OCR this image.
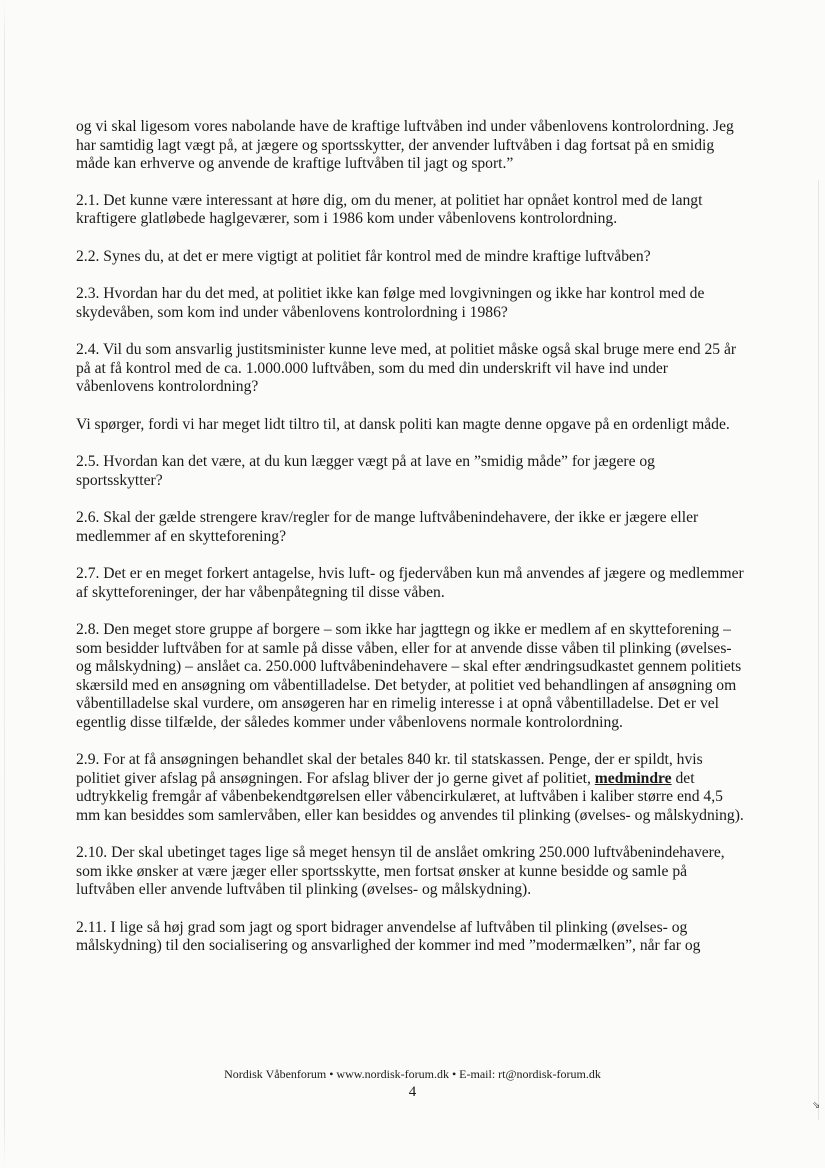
⇘

og vi skal ligesom vores nabolande have de kraftige luftvåben ind under våbenlovens kontrolordning. Jeg har samtidig lagt vægt på, at jægere og sportsskytter, der anvender luftvåben i dag fortsat på en smidig måde kan erhverve og anvende de kraftige luftvåben til jagt og sport.”

2.1. Det kunne være interessant at høre dig, om du mener, at politiet har opnået kontrol med de langt kraftigere glatløbede haglgeværer, som i 1986 kom under våbenlovens kontrolordning.

2.2. Synes du, at det er mere vigtigt at politiet får kontrol med de mindre kraftige luftvåben?

2.3. Hvordan har du det med, at politiet ikke kan følge med lovgivningen og ikke har kontrol med de skydevåben, som kom ind under våbenlovens kontrolordning i 1986?

2.4. Vil du som ansvarlig justitsminister kunne leve med, at politiet måske også skal bruge mere end 25 år på at få kontrol med de ca. 1.000.000 luftvåben, som du med din underskrift vil have ind under våbenlovens kontrolordning?

Vi spørger, fordi vi har meget lidt tiltro til, at dansk politi kan magte denne opgave på en ordenligt måde.

2.5. Hvordan kan det være, at du kun lægger vægt på at lave en ”smidig måde” for jægere og sportsskytter?

2.6. Skal der gælde strengere krav/regler for de mange luftvåbenindehavere, der ikke er jægere eller medlemmer af en skytteforening?

2.7. Det er en meget forkert antagelse, hvis luft- og fjedervåben kun må anvendes af jægere og medlemmer af skytteforeninger, der har våbenpåtegning til disse våben.

2.8. Den meget store gruppe af borgere – som ikke har jagttegn og ikke er medlem af en skytteforening – som besidder luftvåben for at samle på disse våben, eller for at anvende disse våben til plinking (øvelses- og målskydning) – anslået ca. 250.000 luftvåbenindehavere – skal efter ændringsudkastet gennem politiets skærsild med en ansøgning om våbentilladelse. Det betyder, at politiet ved behandlingen af ansøgning om våbentilladelse skal vurdere, om ansøgeren har en rimelig interesse i at opnå våbentilladelse. Det er vel egentlig disse tilfælde, der således kommer under våbenlovens normale kontrolordning.

2.9. For at få ansøgningen behandlet skal der betales 840 kr. til statskassen. Penge, der er spildt, hvis politiet giver afslag på ansøgningen. For afslag bliver der jo gerne givet af politiet, medmindre det udtrykkelig fremgår af våbenbekendtgørelsen eller våbencirkulæret, at luftvåben i kaliber større end 4,5 mm kan besiddes som samlervåben, eller kan besiddes og anvendes til plinking (øvelses- og målskydning).

2.10. Der skal ubetinget tages lige så meget hensyn til de anslået omkring 250.000 luftvåbenindehavere, som ikke ønsker at være jæger eller sportsskytte, men fortsat ønsker at kunne besidde og samle på luftvåben eller anvende luftvåben til plinking (øvelses- og målskydning).

2.11. I lige så høj grad som jagt og sport bidrager anvendelse af luftvåben til plinking (øvelses- og målskydning) til den socialisering og ansvarlighed der kommer ind med ”modermælken”, når far og

Nordisk Våbenforum • www.nordisk-forum.dk • E-mail: rt@nordisk-forum.dk
4
